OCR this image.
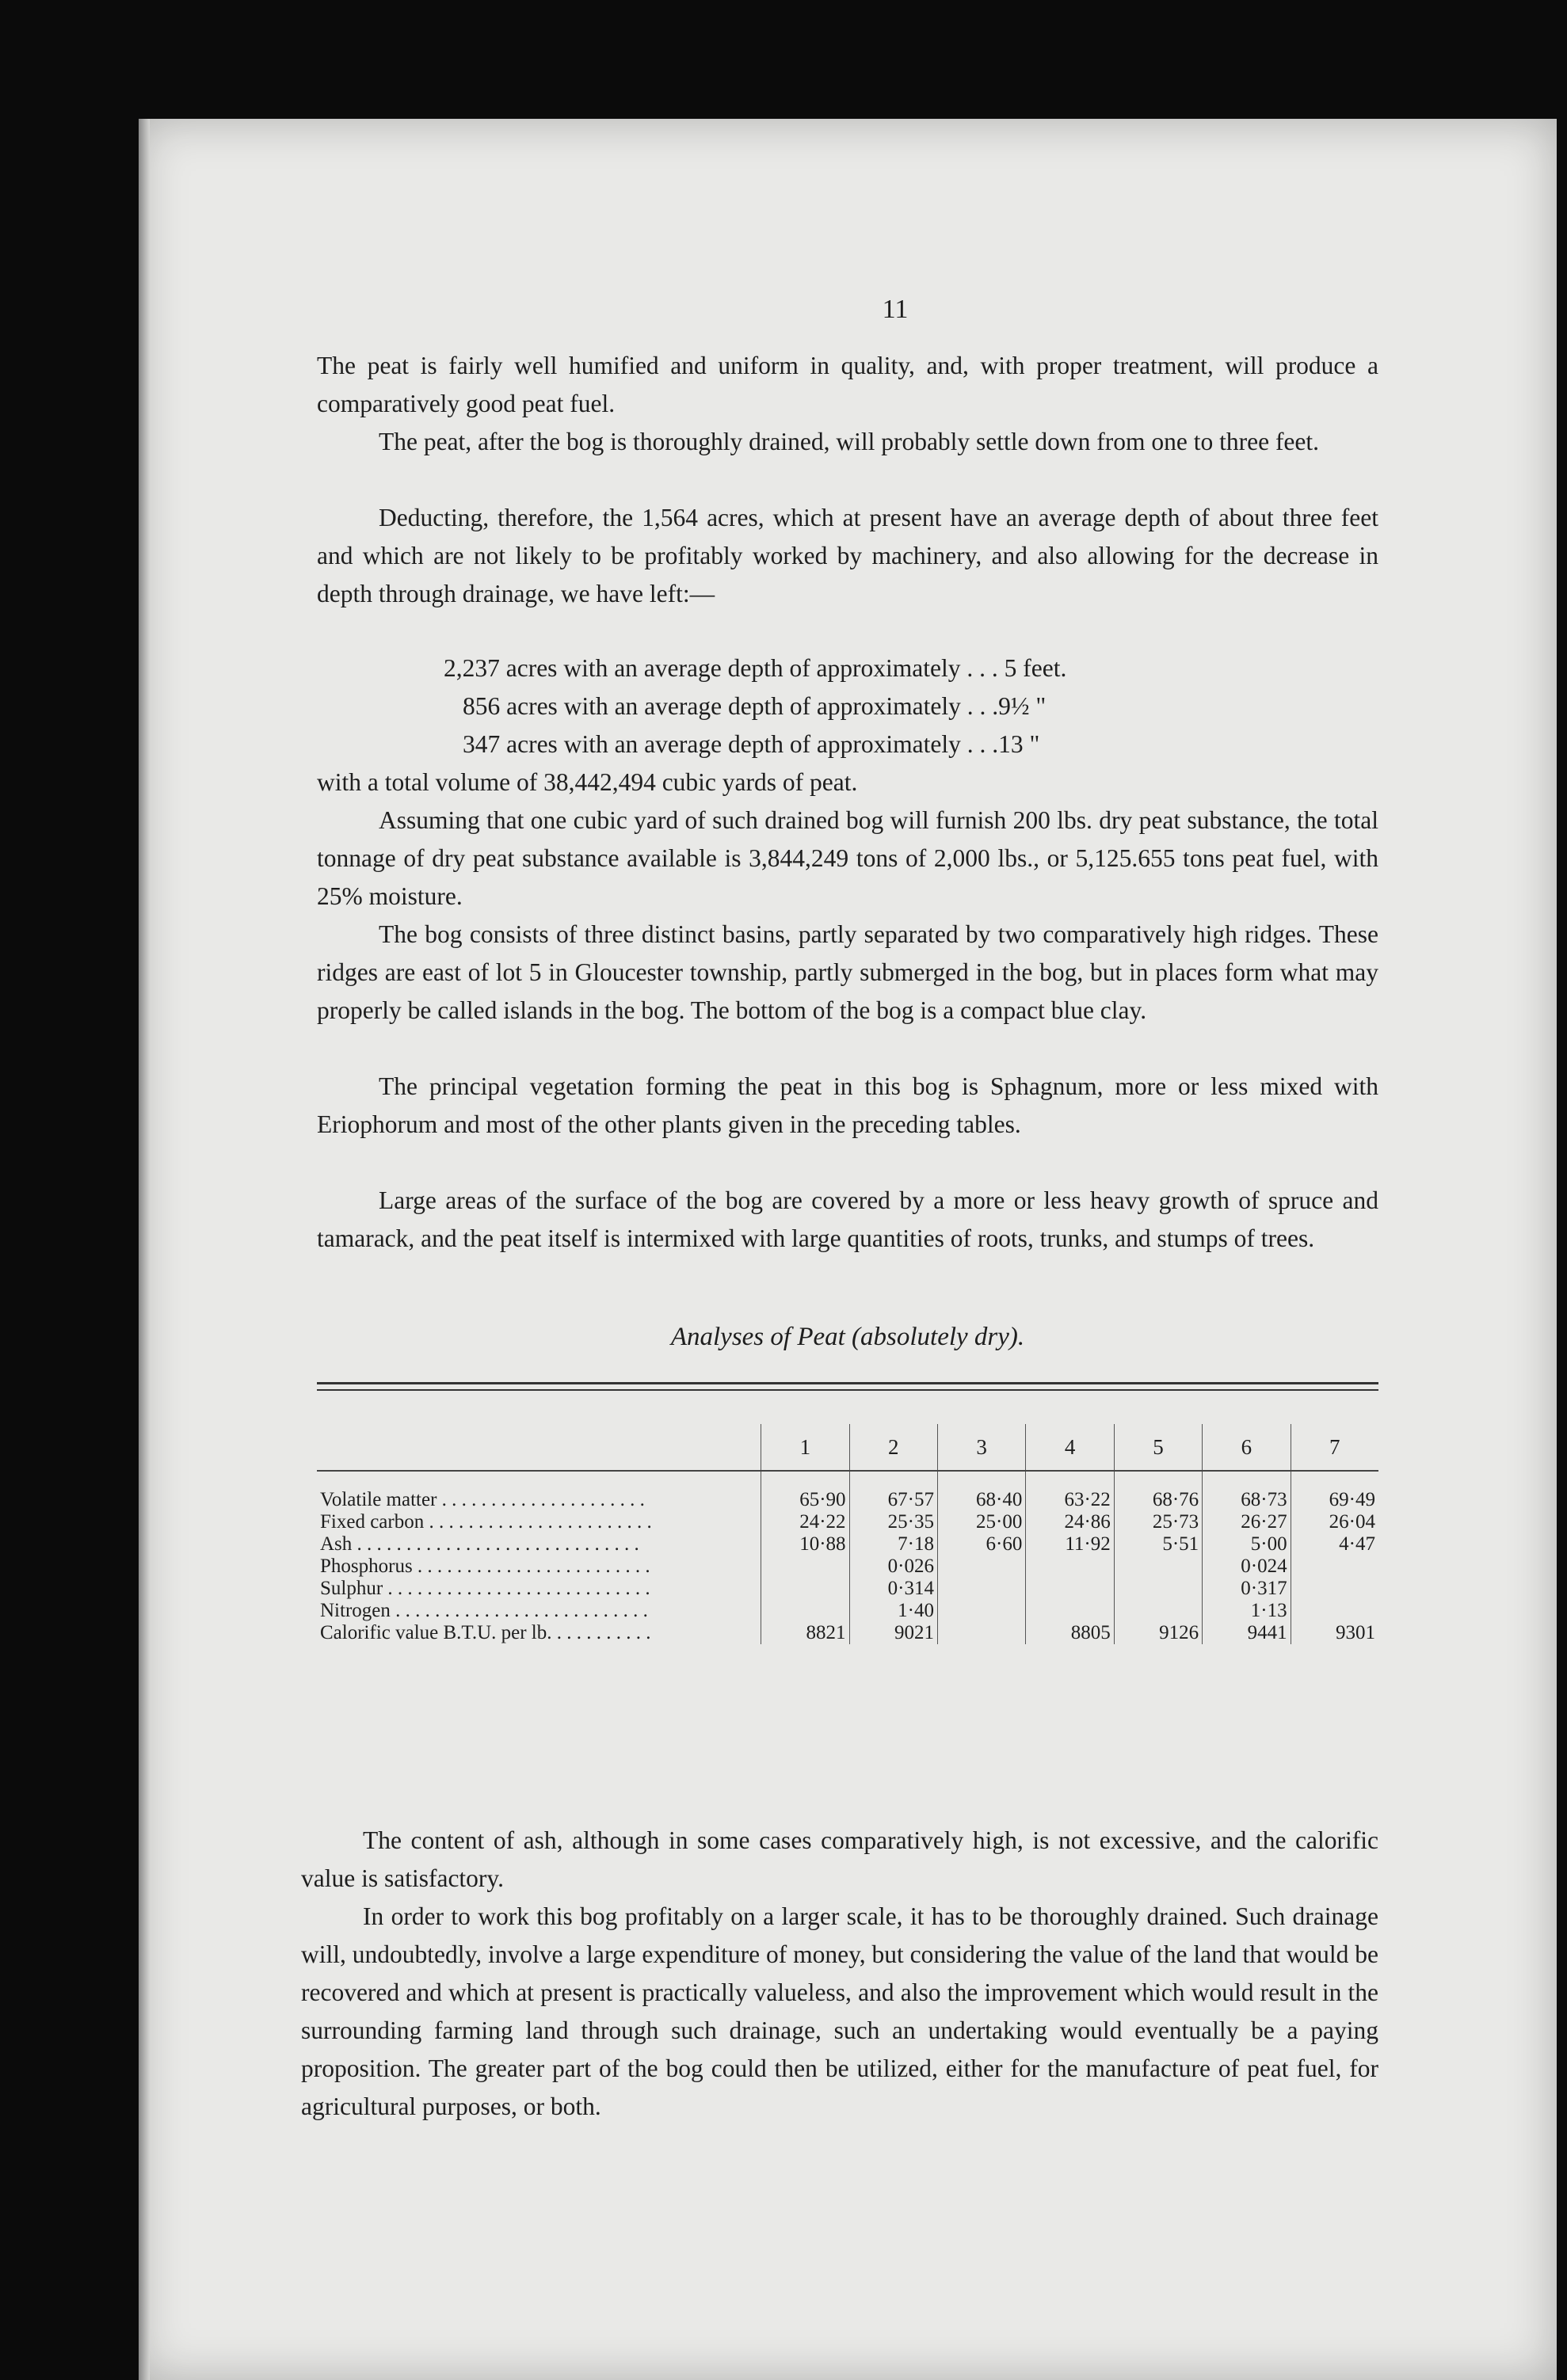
11

The peat is fairly well humified and uniform in quality, and, with proper treatment, will produce a comparatively good peat fuel.

The peat, after the bog is thoroughly drained, will probably settle down from one to three feet.

Deducting, therefore, the 1,564 acres, which at present have an average depth of about three feet and which are not likely to be profitably worked by machinery, and also allowing for the decrease in depth through drainage, we have left:—

2,237 acres with an average depth of approximately . . . 5 feet.
856 acres with an average depth of approximately . . .9½ "
347 acres with an average depth of approximately . . .13 "

with a total volume of 38,442,494 cubic yards of peat.

Assuming that one cubic yard of such drained bog will furnish 200 lbs. dry peat substance, the total tonnage of dry peat substance available is 3,844,249 tons of 2,000 lbs., or 5,125.655 tons peat fuel, with 25% moisture.

The bog consists of three distinct basins, partly separated by two comparatively high ridges. These ridges are east of lot 5 in Gloucester township, partly submerged in the bog, but in places form what may properly be called islands in the bog. The bottom of the bog is a compact blue clay.

The principal vegetation forming the peat in this bog is Sphagnum, more or less mixed with Eriophorum and most of the other plants given in the preceding tables.

Large areas of the surface of the bog are covered by a more or less heavy growth of spruce and tamarack, and the peat itself is intermixed with large quantities of roots, trunks, and stumps of trees.

Analyses of Peat (absolutely dry).
	1	2	3	4	5	6	7
Volatile matter . . . . . . . . . . . . . . . . . . . . .	65·90	67·57	68·40	63·22	68·76	68·73	69·49
Fixed carbon . . . . . . . . . . . . . . . . . . . . . . .	24·22	25·35	25·00	24·86	25·73	26·27	26·04
Ash . . . . . . . . . . . . . . . . . . . . . . . . . . . . .	10·88	7·18	6·60	11·92	5·51	5·00	4·47
Phosphorus . . . . . . . . . . . . . . . . . . . . . . . .		0·026				0·024	
Sulphur . . . . . . . . . . . . . . . . . . . . . . . . . . .		0·314				0·317	
Nitrogen . . . . . . . . . . . . . . . . . . . . . . . . . .		1·40				1·13	
Calorific value B.T.U. per lb. . . . . . . . . . .	8821	9021		8805	9126	9441	9301

The content of ash, although in some cases comparatively high, is not excessive, and the calorific value is satisfactory.

In order to work this bog profitably on a larger scale, it has to be thoroughly drained. Such drainage will, undoubtedly, involve a large expenditure of money, but considering the value of the land that would be recovered and which at present is practically valueless, and also the improvement which would result in the surrounding farming land through such drainage, such an undertaking would eventually be a paying proposition. The greater part of the bog could then be utilized, either for the manufacture of peat fuel, for agricultural purposes, or both.
